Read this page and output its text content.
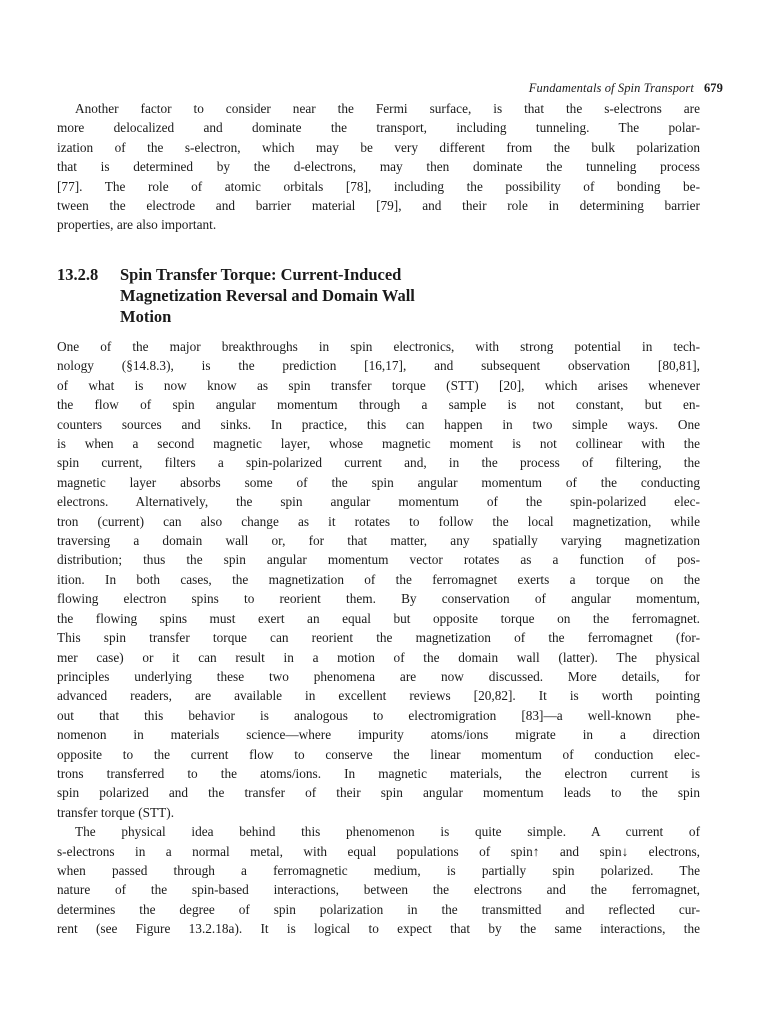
Fundamentals of Spin Transport 679
Another factor to consider near the Fermi surface, is that the s-electrons are
more delocalized and dominate the transport, including tunneling. The polar-
ization of the s-electron, which may be very different from the bulk polarization
that is determined by the d-electrons, may then dominate the tunneling process
[77]. The role of atomic orbitals [78], including the possibility of bonding be-
tween the electrode and barrier material [79], and their role in determining barrier
properties, are also important.
13.2.8 Spin Transfer Torque: Current-Induced
Magnetization Reversal and Domain Wall
Motion
One of the major breakthroughs in spin electronics, with strong potential in tech-
nology (§14.8.3), is the prediction [16,17], and subsequent observation [80,81],
of what is now know as spin transfer torque (STT) [20], which arises whenever
the flow of spin angular momentum through a sample is not constant, but en-
counters sources and sinks. In practice, this can happen in two simple ways. One
is when a second magnetic layer, whose magnetic moment is not collinear with the
spin current, filters a spin-polarized current and, in the process of filtering, the
magnetic layer absorbs some of the spin angular momentum of the conducting
electrons. Alternatively, the spin angular momentum of the spin-polarized elec-
tron (current) can also change as it rotates to follow the local magnetization, while
traversing a domain wall or, for that matter, any spatially varying magnetization
distribution; thus the spin angular momentum vector rotates as a function of pos-
ition. In both cases, the magnetization of the ferromagnet exerts a torque on the
flowing electron spins to reorient them. By conservation of angular momentum,
the flowing spins must exert an equal but opposite torque on the ferromagnet.
This spin transfer torque can reorient the magnetization of the ferromagnet (for-
mer case) or it can result in a motion of the domain wall (latter). The physical
principles underlying these two phenomena are now discussed. More details, for
advanced readers, are available in excellent reviews [20,82]. It is worth pointing
out that this behavior is analogous to electromigration [83]—a well-known phe-
nomenon in materials science—where impurity atoms/ions migrate in a direction
opposite to the current flow to conserve the linear momentum of conduction elec-
trons transferred to the atoms/ions. In magnetic materials, the electron current is
spin polarized and the transfer of their spin angular momentum leads to the spin
transfer torque (STT).
The physical idea behind this phenomenon is quite simple. A current of
s-electrons in a normal metal, with equal populations of spin↑ and spin↓ electrons,
when passed through a ferromagnetic medium, is partially spin polarized. The
nature of the spin-based interactions, between the electrons and the ferromagnet,
determines the degree of spin polarization in the transmitted and reflected cur-
rent (see Figure 13.2.18a). It is logical to expect that by the same interactions, the
